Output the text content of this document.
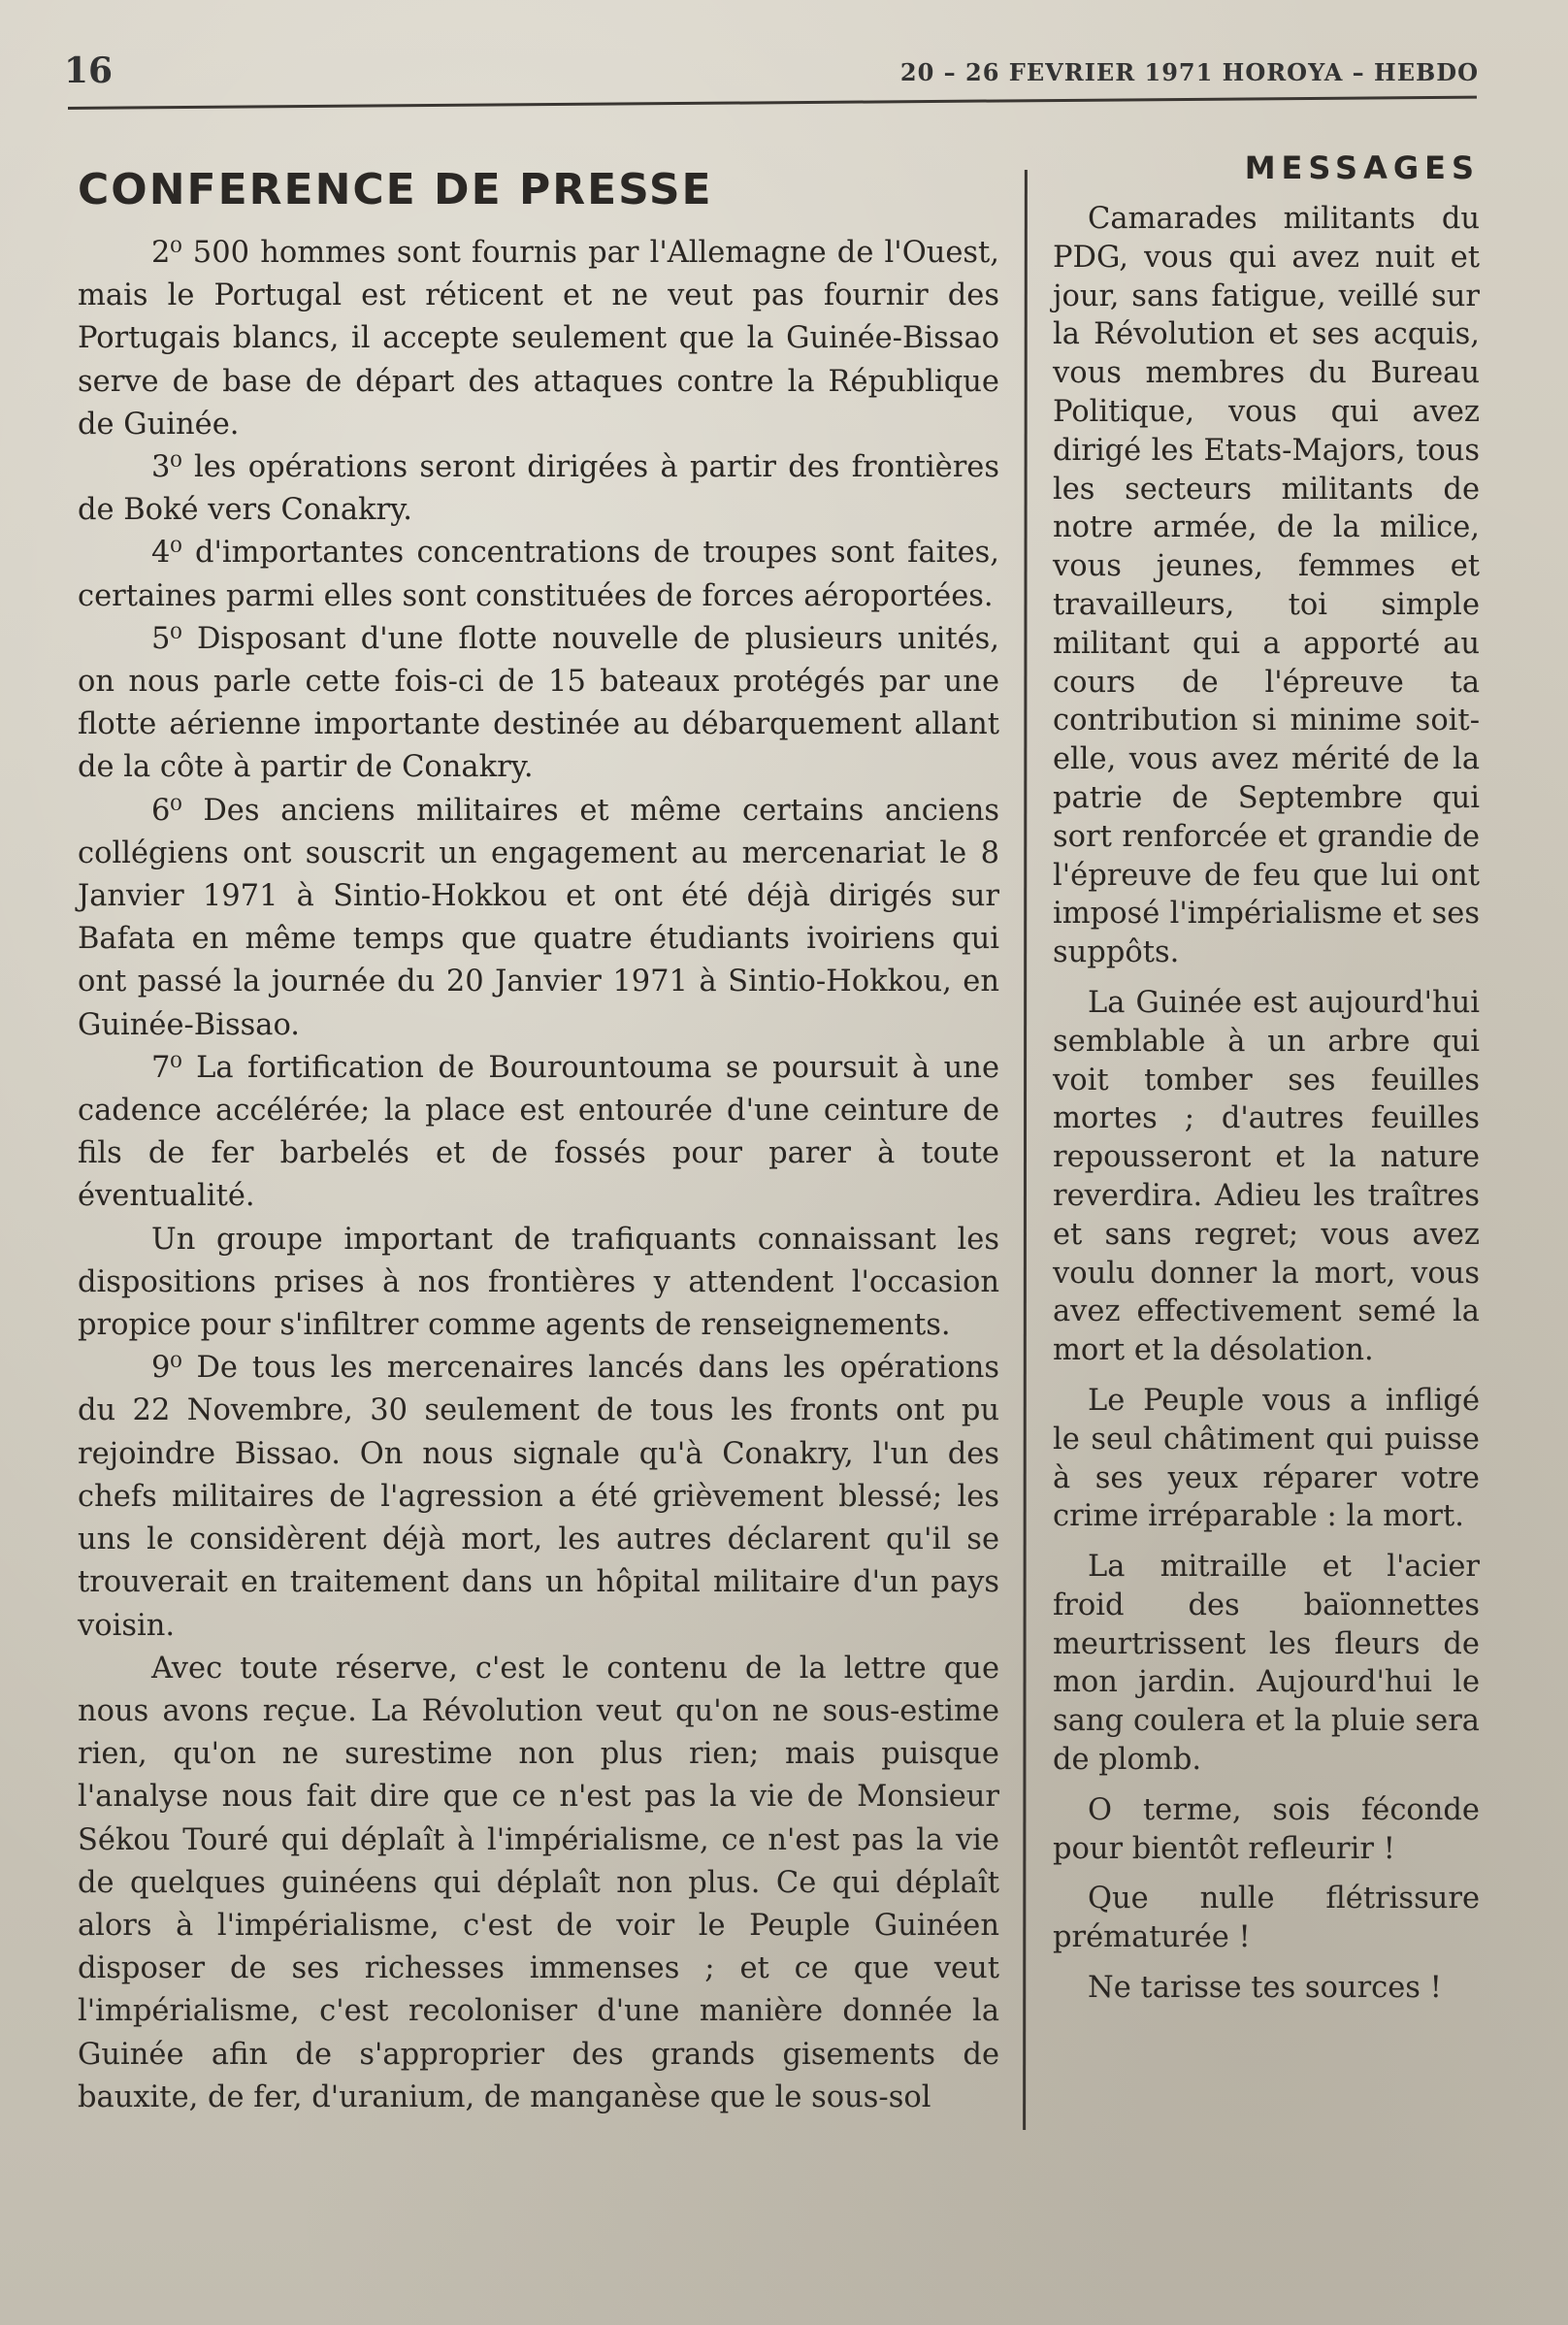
16	20 – 26 FEVRIER 1971 HOROYA – HEBDO
CONFERENCE DE PRESSE

2⁰ 500 hommes sont fournis par l'Allemagne de l'Ouest, mais le Portugal est réticent et ne veut pas fournir des Portugais blancs, il accepte seulement que la Guinée-Bissao serve de base de départ des attaques contre la République de Guinée.

3⁰ les opérations seront dirigées à partir des frontières de Boké vers Conakry.

4⁰ d'importantes concentrations de troupes sont faites, certaines parmi elles sont constituées de forces aéroportées.

5⁰ Disposant d'une flotte nouvelle de plusieurs unités, on nous parle cette fois-ci de 15 bateaux protégés par une flotte aérienne importante destinée au débarquement allant de la côte à partir de Conakry.

6⁰ Des anciens militaires et même certains anciens collégiens ont souscrit un engagement au mercenariat le 8 Janvier 1971 à Sintio-Hokkou et ont été déjà dirigés sur Bafata en même temps que quatre étudiants ivoiriens qui ont passé la journée du 20 Janvier 1971 à Sintio-Hokkou, en Guinée-Bissao.

7⁰ La fortification de Bourountouma se poursuit à une cadence accélérée; la place est entourée d'une ceinture de fils de fer barbelés et de fossés pour parer à toute éventualité.

Un groupe important de trafiquants connaissant les dispositions prises à nos frontières y attendent l'occasion propice pour s'infiltrer comme agents de renseignements.

9⁰ De tous les mercenaires lancés dans les opérations du 22 Novembre, 30 seulement de tous les fronts ont pu rejoindre Bissao. On nous signale qu'à Conakry, l'un des chefs militaires de l'agression a été grièvement blessé; les uns le considèrent déjà mort, les autres déclarent qu'il se trouverait en traitement dans un hôpital militaire d'un pays voisin.

Avec toute réserve, c'est le contenu de la lettre que nous avons reçue. La Révolution veut qu'on ne sous-estime rien, qu'on ne surestime non plus rien; mais puisque l'analyse nous fait dire que ce n'est pas la vie de Monsieur Sékou Touré qui déplaît à l'impérialisme, ce n'est pas la vie de quelques guinéens qui déplaît non plus. Ce qui déplaît alors à l'impérialisme, c'est de voir le Peuple Guinéen disposer de ses richesses immenses ; et ce que veut l'impérialisme, c'est recoloniser d'une manière donnée la Guinée afin de s'approprier des grands gisements de bauxite, de fer, d'uranium, de manganèse que le sous-sol

MESSAGES

Camarades militants du PDG, vous qui avez nuit et jour, sans fatigue, veillé sur la Révolution et ses acquis, vous membres du Bureau Politique, vous qui avez dirigé les Etats-Majors, tous les secteurs militants de notre armée, de la milice, vous jeunes, femmes et travailleurs, toi simple militant qui a apporté au cours de l'épreuve ta contribution si minime soit-elle, vous avez mérité de la patrie de Septembre qui sort renforcée et grandie de l'épreuve de feu que lui ont imposé l'impérialisme et ses suppôts.

La Guinée est aujourd'hui semblable à un arbre qui voit tomber ses feuilles mortes ; d'autres feuilles repousseront et la nature reverdira. Adieu les traîtres et sans regret; vous avez voulu donner la mort, vous avez effectivement semé la mort et la désolation.

Le Peuple vous a infligé le seul châtiment qui puisse à ses yeux réparer votre crime irréparable : la mort.

La mitraille et l'acier froid des baïonnettes meurtrissent les fleurs de mon jardin. Aujourd'hui le sang coulera et la pluie sera de plomb.

O terme, sois féconde pour bientôt refleurir !

Que nulle flétrissure prématurée !

Ne tarisse tes sources !
